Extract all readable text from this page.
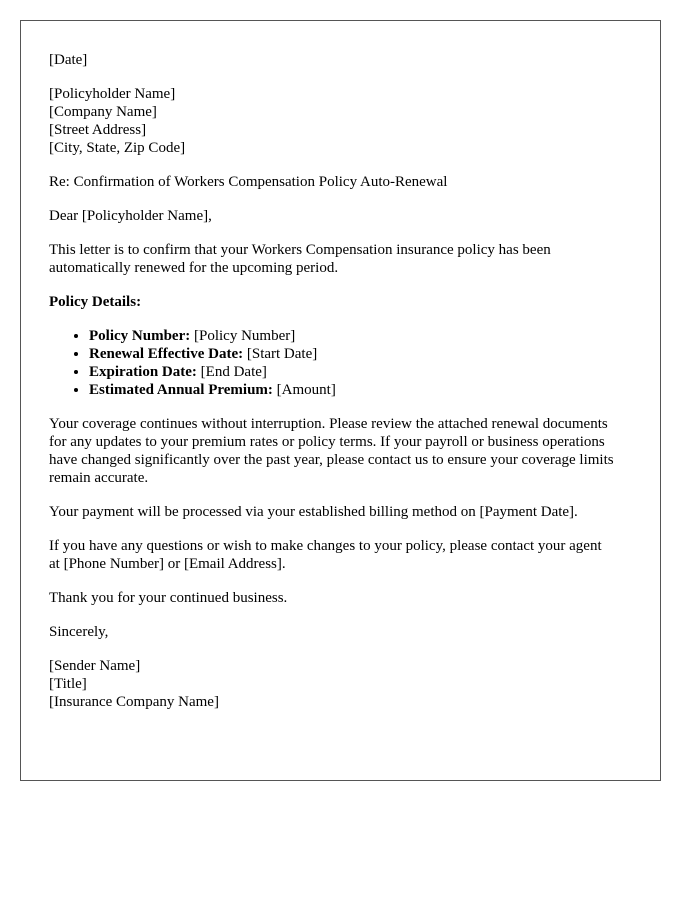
[Date]
[Policyholder Name]
[Company Name]
[Street Address]
[City, State, Zip Code]

Re: Confirmation of Workers Compensation Policy Auto-Renewal

Dear [Policyholder Name],

This letter is to confirm that your Workers Compensation insurance policy has been automatically renewed for the upcoming period.

Policy Details:

• Policy Number: [Policy Number]
• Renewal Effective Date: [Start Date]
• Expiration Date: [End Date]
• Estimated Annual Premium: [Amount]

Your coverage continues without interruption. Please review the attached renewal documents for any updates to your premium rates or policy terms. If your payroll or business operations have changed significantly over the past year, please contact us to ensure your coverage limits remain accurate.

Your payment will be processed via your established billing method on [Payment Date].

If you have any questions or wish to make changes to your policy, please contact your agent at [Phone Number] or [Email Address].

Thank you for your continued business.

Sincerely,

[Sender Name]
[Title]
[Insurance Company Name]
